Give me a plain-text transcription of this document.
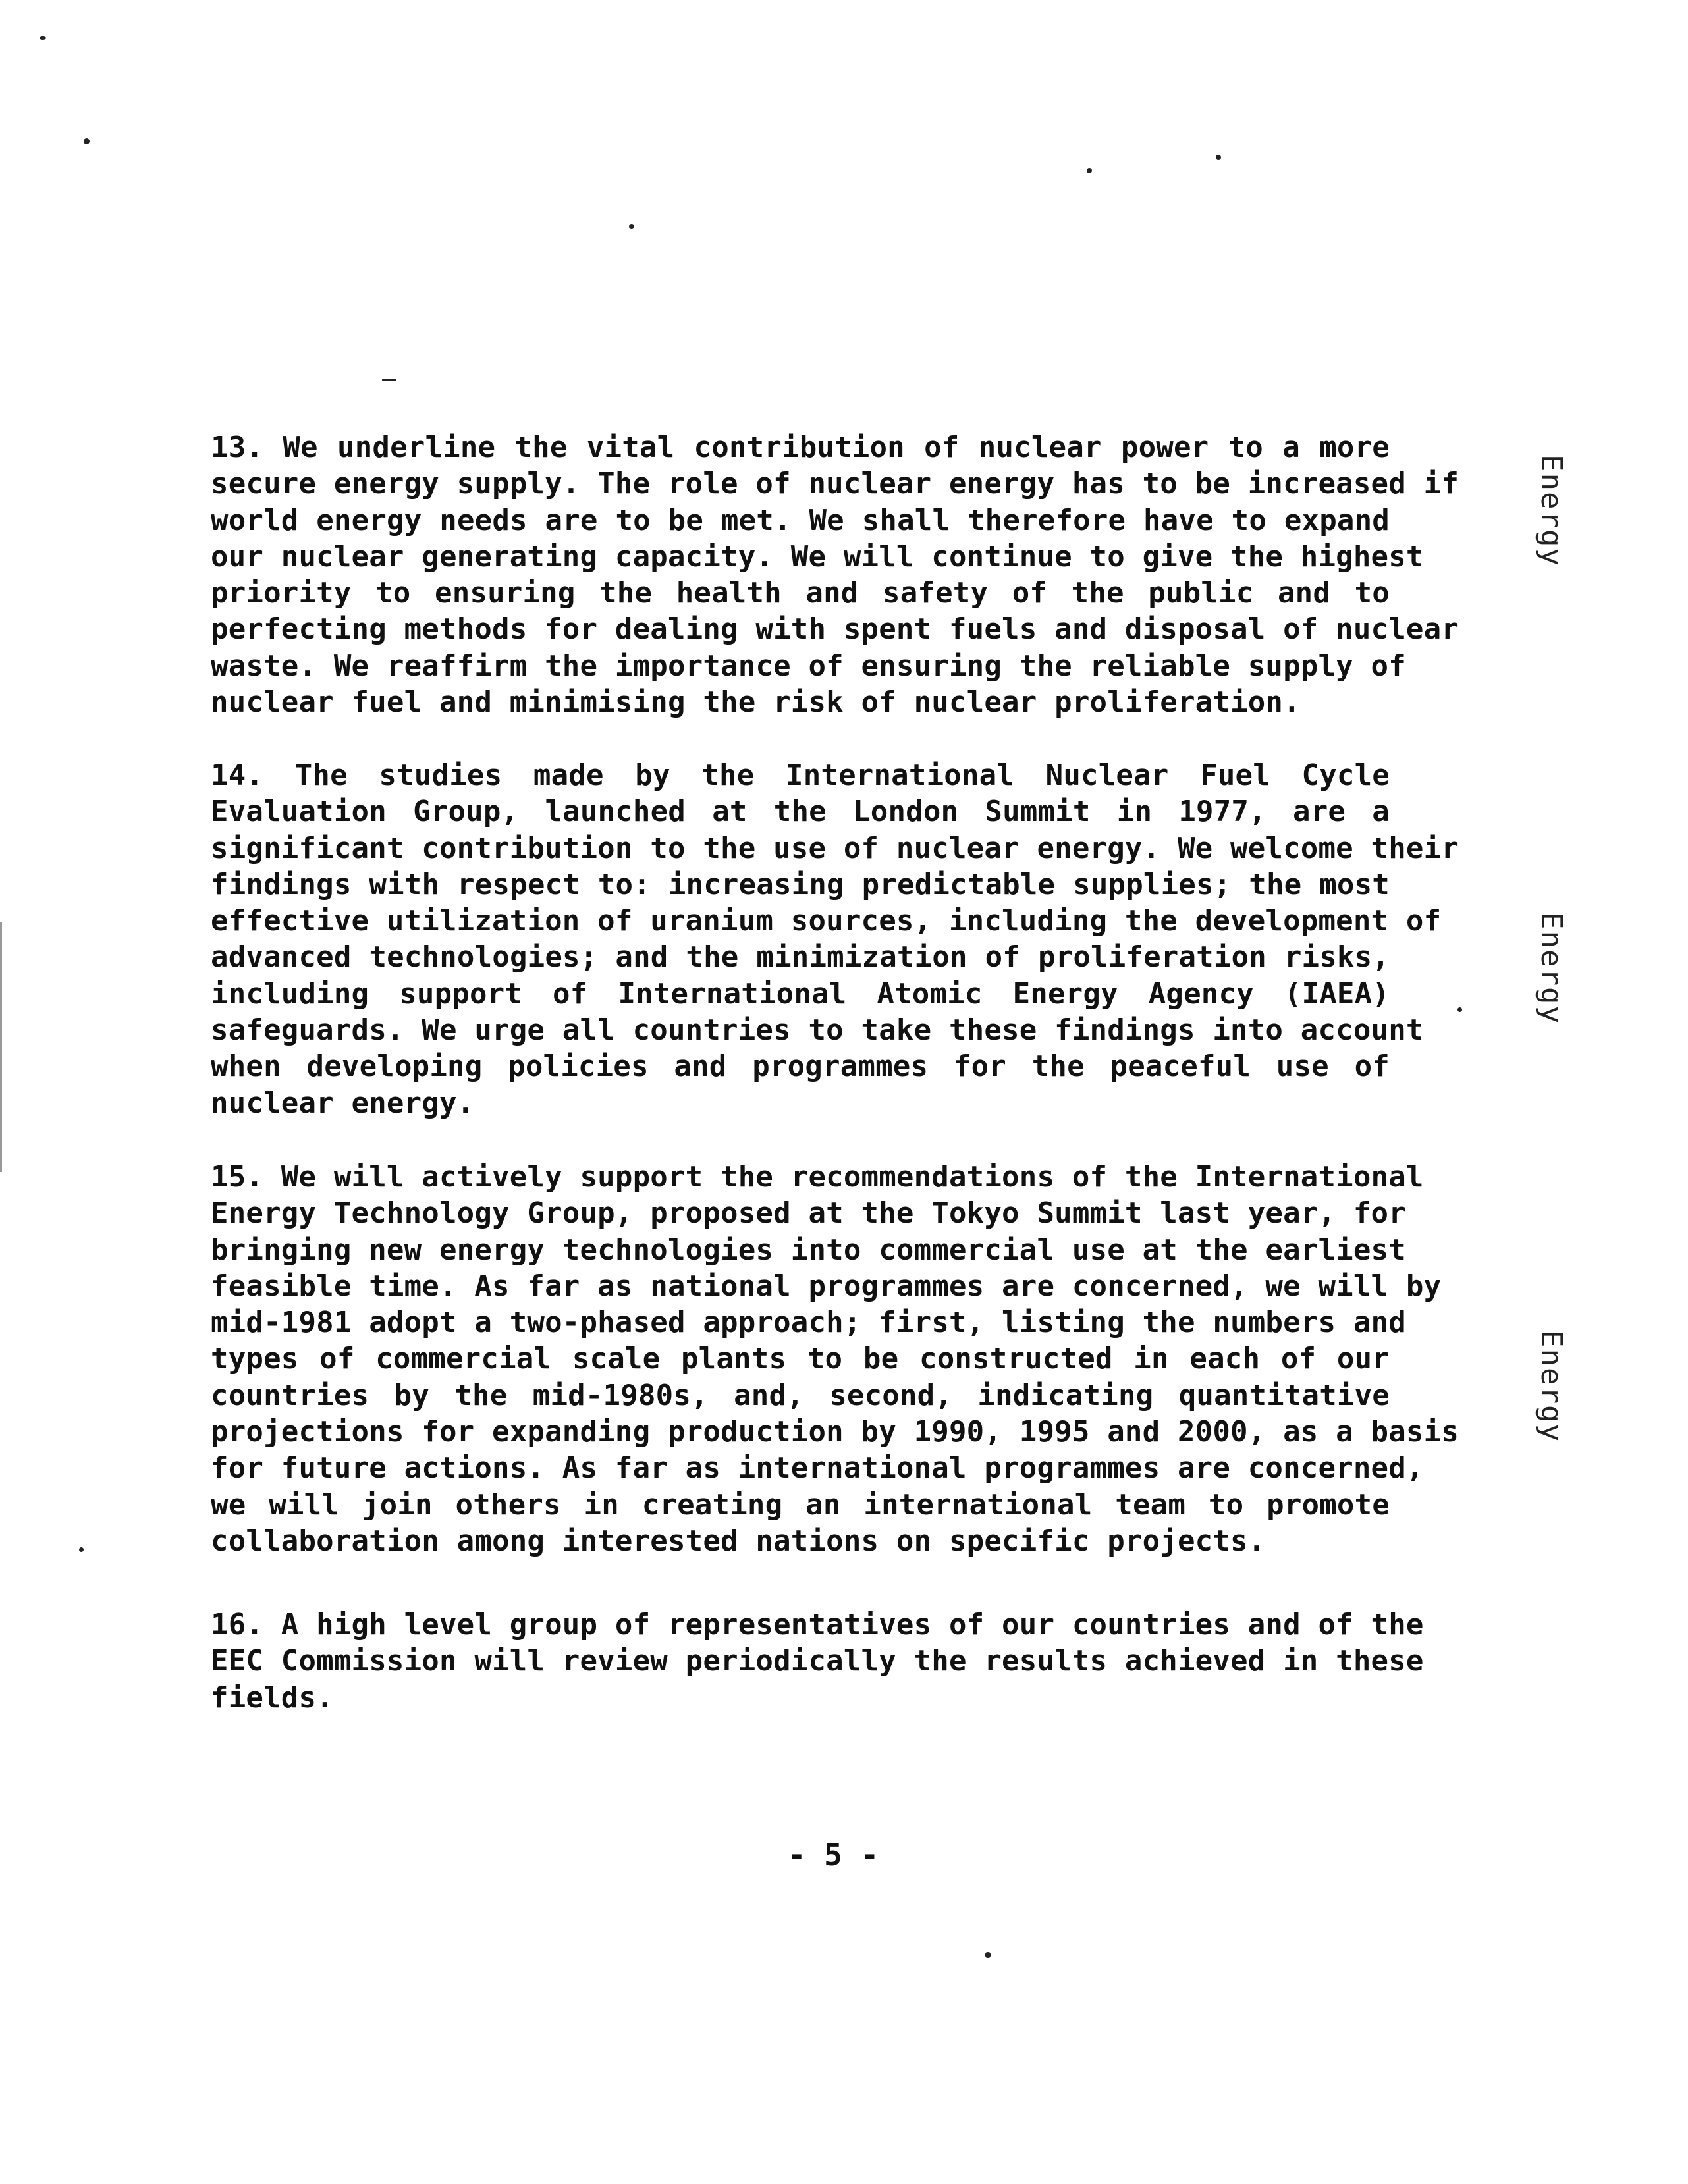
13. We underline the vital contribution of nuclear power to a more
secure energy supply. The role of nuclear energy has to be increased if
world energy needs are to be met. We shall therefore have to expand
our nuclear generating capacity. We will continue to give the highest
priority to ensuring the health and safety of the public and to
perfecting methods for dealing with spent fuels and disposal of nuclear
waste. We reaffirm the importance of ensuring the reliable supply of
nuclear fuel and minimising the risk of nuclear proliferation.

14. The studies made by the International Nuclear Fuel Cycle
Evaluation Group, launched at the London Summit in 1977, are a
significant contribution to the use of nuclear energy. We welcome their
findings with respect to: increasing predictable supplies; the most
effective utilization of uranium sources, including the development of
advanced technologies; and the minimization of proliferation risks,
including support of International Atomic Energy Agency (IAEA)
safeguards. We urge all countries to take these findings into account
when developing policies and programmes for the peaceful use of
nuclear energy.

15. We will actively support the recommendations of the International
Energy Technology Group, proposed at the Tokyo Summit last year, for
bringing new energy technologies into commercial use at the earliest
feasible time. As far as national programmes are concerned, we will by
mid-1981 adopt a two-phased approach; first, listing the numbers and
types of commercial scale plants to be constructed in each of our
countries by the mid-1980s, and, second, indicating quantitative
projections for expanding production by 1990, 1995 and 2000, as a basis
for future actions. As far as international programmes are concerned,
we will join others in creating an international team to promote
collaboration among interested nations on specific projects.

16. A high level group of representatives of our countries and of the
EEC Commission will review periodically the results achieved in these
fields.

- 5 -
Energy
Energy
Energy
